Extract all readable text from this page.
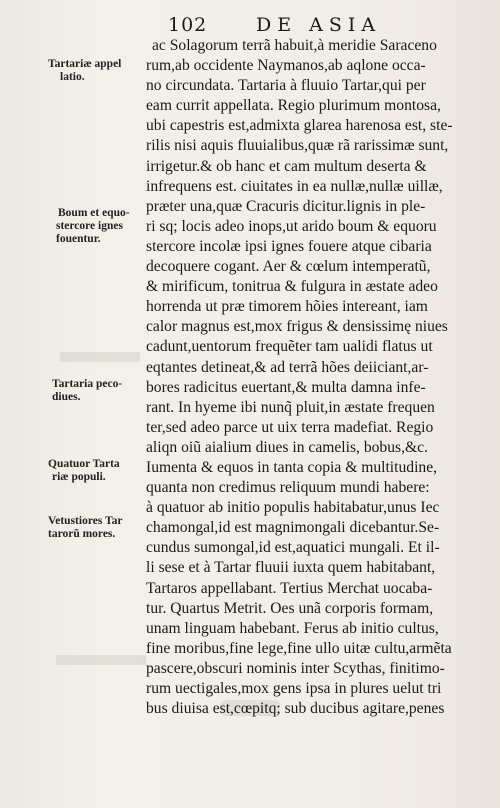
102	DE ASIA
Tartariæ appel
latio.
Boum et equo-
stercore ignes
fouentur.
Tartaria peco-
diues.
Quatuor Tarta
riæ populi.
Vetustiores Tar
tarorũ mores.
ac Solagorum terrã habuit,à meridie Saraceno
rum,ab occidente Naymanos,ab aqlone occa-
no circundata. Tartaria à fluuio Tartar,qui per
eam currit appellata. Regio plurimum montosa,
ubi capestris est,admixta glarea harenosa est, ste-
rilis nisi aquis fluuialibus,quæ rã rarissimæ sunt,
irrigetur.& ob hanc et cam multum deserta &
infrequens est. ciuitates in ea nullæ,nullæ uillæ,
præter una,quæ Cracuris dicitur.lignis in ple-
ri sq; locis adeo inops,ut arido boum & equoru
stercore incolæ ipsi ignes fouere atque cibaria
decoquere cogant. Aer & cœlum intemperatũ,
& mirificum, tonitrua & fulgura in æstate adeo
horrenda ut præ timorem hõies intereant, iam
calor magnus est,mox frigus & densissimę niues
cadunt,uentorum frequẽter tam ualidi flatus ut
eqtantes detineat,& ad terrã hões deiiciant,ar-
bores radicitus euertant,& multa damna infe-
rant. In hyeme ibi nunq̃ pluit,in æstate frequen
ter,sed adeo parce ut uix terra madefiat. Regio
aliqn oiũ aialium diues in camelis, bobus,&c.
Iumenta & equos in tanta copia & multitudine,
quanta non credimus reliquum mundi habere:
à quatuor ab initio populis habitabatur,unus Iec
chamongal,id est magnimongali dicebantur.Se-
cundus sumongal,id est,aquatici mungali. Et il-
li sese et à Tartar fluuii iuxta quem habitabant,
Tartaros appellabant. Tertius Merchat uocaba-
tur. Quartus Metrit. Oes unã corporis formam,
unam linguam habebant. Ferus ab initio cultus,
fine moribus,fine lege,fine ullo uitæ cultu,armẽta
pascere,obscuri nominis inter Scythas, finitimo-
rum uectigales,mox gens ipsa in plures uelut tri
bus diuisa est,cœpitq; sub ducibus agitare,penes
